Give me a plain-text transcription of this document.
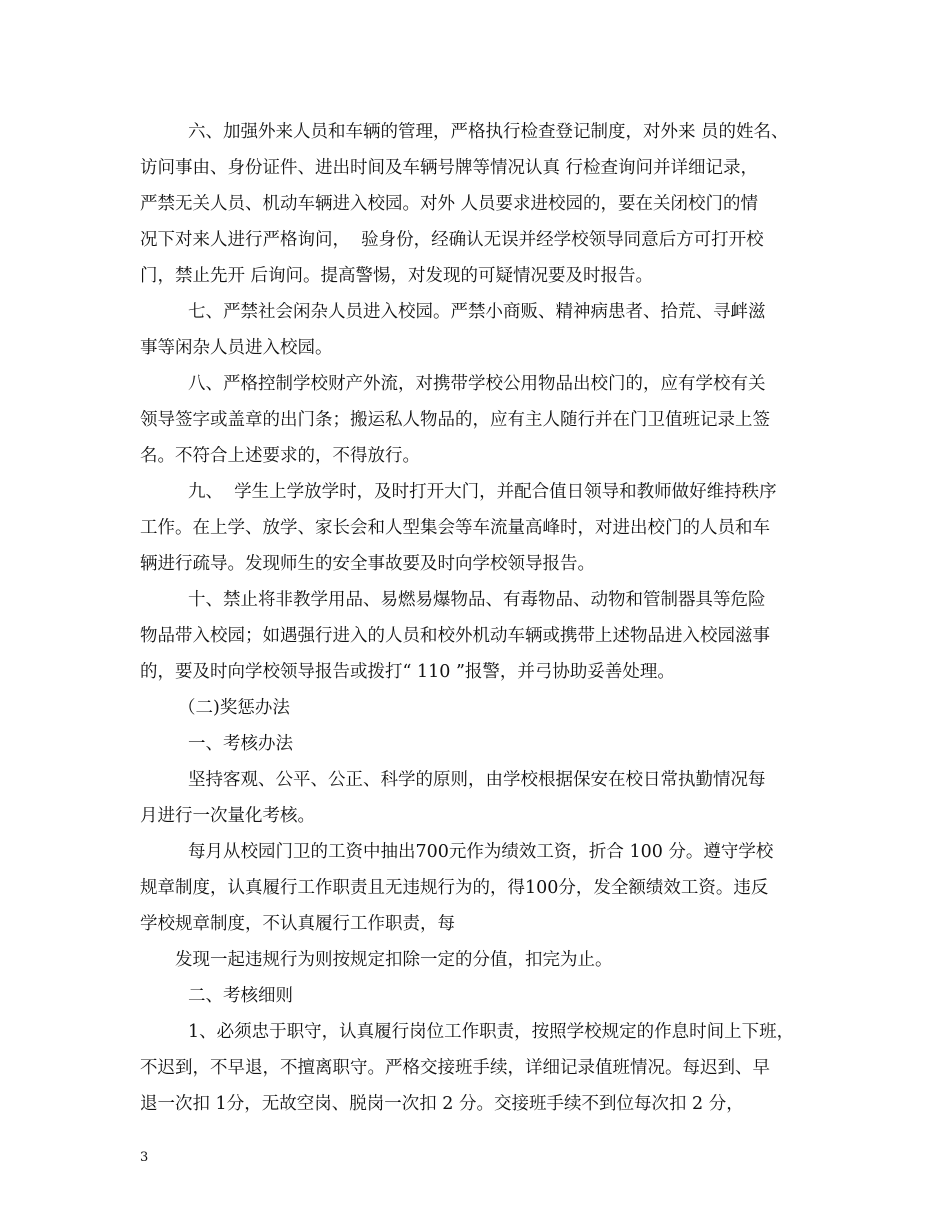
六、加强外来人员和车辆的管理，严格执行检查登记制度，对外来 员的姓名、
访问事由、身份证件、进出时间及车辆号牌等情况认真 行检查询问并详细记录，
严禁无关人员、机动车辆进入校园。对外 人员要求进校园的，要在关闭校门的情
况下对来人进行严格询问，  验身份，经确认无误并经学校领导同意后方可打开校
门，禁止先开 后询问。提高警惕，对发现的可疑情况要及时报告。
七、严禁社会闲杂人员进入校园。严禁小商贩、精神病患者、拾荒、寻衅滋
事等闲杂人员进入校园。
八、严格控制学校财产外流，对携带学校公用物品出校门的，应有学校有关
领导签字或盖章的出门条；搬运私人物品的，应有主人随行并在门卫值班记录上签
名。不符合上述要求的，不得放行。
九、  学生上学放学时，及时打开大门，并配合值日领导和教师做好维持秩序
工作。在上学、放学、家长会和人型集会等车流量高峰时，对进出校门的人员和车
辆进行疏导。发现师生的安全事故要及时向学校领导报告。
十、禁止将非教学用品、易燃易爆物品、有毒物品、动物和管制器具等危险
物品带入校园；如遇强行进入的人员和校外机动车辆或携带上述物品进入校园滋事
的，要及时向学校领导报告或拨打“ 110 ”报警，并弓协助妥善处理。
（二)奖惩办法
一、考核办法
坚持客观、公平、公正、科学的原则，由学校根据保安在校日常执勤情况每
月进行一次量化考核。
每月从校园门卫的工资中抽出700元作为绩效工资，折合 100 分。遵守学校
规章制度，认真履行工作职责且无违规行为的，得100分，发全额绩效工资。违反
学校规章制度，不认真履行工作职责，每
发现一起违规行为则按规定扣除一定的分值，扣完为止。
二、考核细则
1、必须忠于职守，认真履行岗位工作职责，按照学校规定的作息时间上下班，
不迟到，不早退，不擅离职守。严格交接班手续，详细记录值班情况。每迟到、早
退一次扣 1分，无故空岗、脱岗一次扣 2 分。交接班手续不到位每次扣 2 分，
3
